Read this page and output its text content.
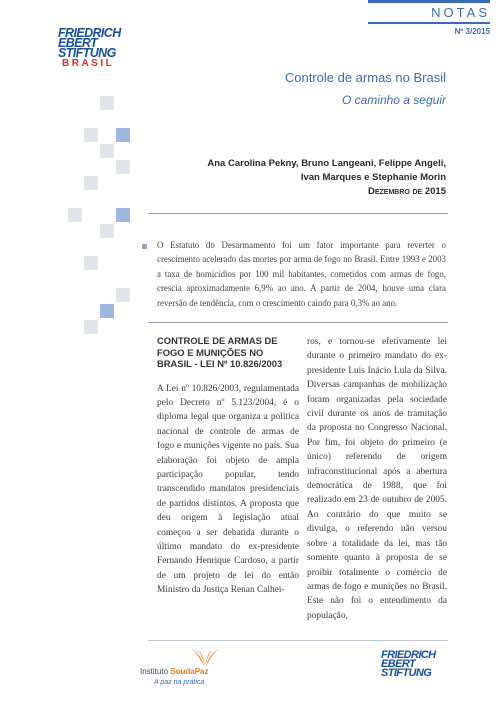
NOTAS
Nº 3/2015
FRIEDRICH
EBERT
STIFTUNG
BRASIL
Controle de armas no Brasil
O caminho a seguir
Ana Carolina Pekny, Bruno Langeani, Felippe Angeli,
Ivan Marques e Stephanie Morin
Dezembro de 2015
O Estatuto do Desarmamento foi um fator importante para reverter o crescimento acelerado das mortes por arma de fogo no Brasil. Entre 1993 e 2003 a taxa de homicídios por 100 mil habitantes, cometidos com armas de fogo, crescia aproximadamente 6,9% ao ano. A partir de 2004, houve uma clara reversão de tendência, com o crescimento caindo para 0,3% ao ano.
CONTROLE DE ARMAS DE FOGO E MUNIÇÕES NO BRASIL - LEI Nº 10.826/2003
A Lei nº 10.826/2003, regulamentada pelo Decreto nº 5.123/2004, é o diploma legal que organiza a política nacional de controle de armas de fogo e munições vigente no país. Sua elaboração foi objeto de ampla participação popular, tendo transcendido mandatos presidenciais de partidos distintos. A proposta que deu origem à legislação atual começou a ser debatida durante o último mandato do ex-presidente Fernando Henrique Cardoso, a partir de um projeto de lei do então Ministro da Justiça Renan Calhei-
ros, e tornou-se efetivamente lei durante o primeiro mandato do ex-presidente Luis Inácio Lula da Silva. Diversas campanhas de mobilização foram organizadas pela sociedade civil durante os anos de tramitação da proposta no Congresso Nacional. Por fim, foi objeto do primeiro (e único) referendo de origem infraconstitucional após a abertura democrática de 1988, que foi realizado em 23 de outubro de 2005. Ao contrário do que muito se divulga, o referendo não versou sobre a totalidade da lei, mas tão somente quanto à proposta de se proibir totalmente o comércio de armas de fogo e munições no Brasil. Este não foi o entendimento da população,
Instituto SoudaPaz
A paz na prática
FRIEDRICH
EBERT
STIFTUNG
